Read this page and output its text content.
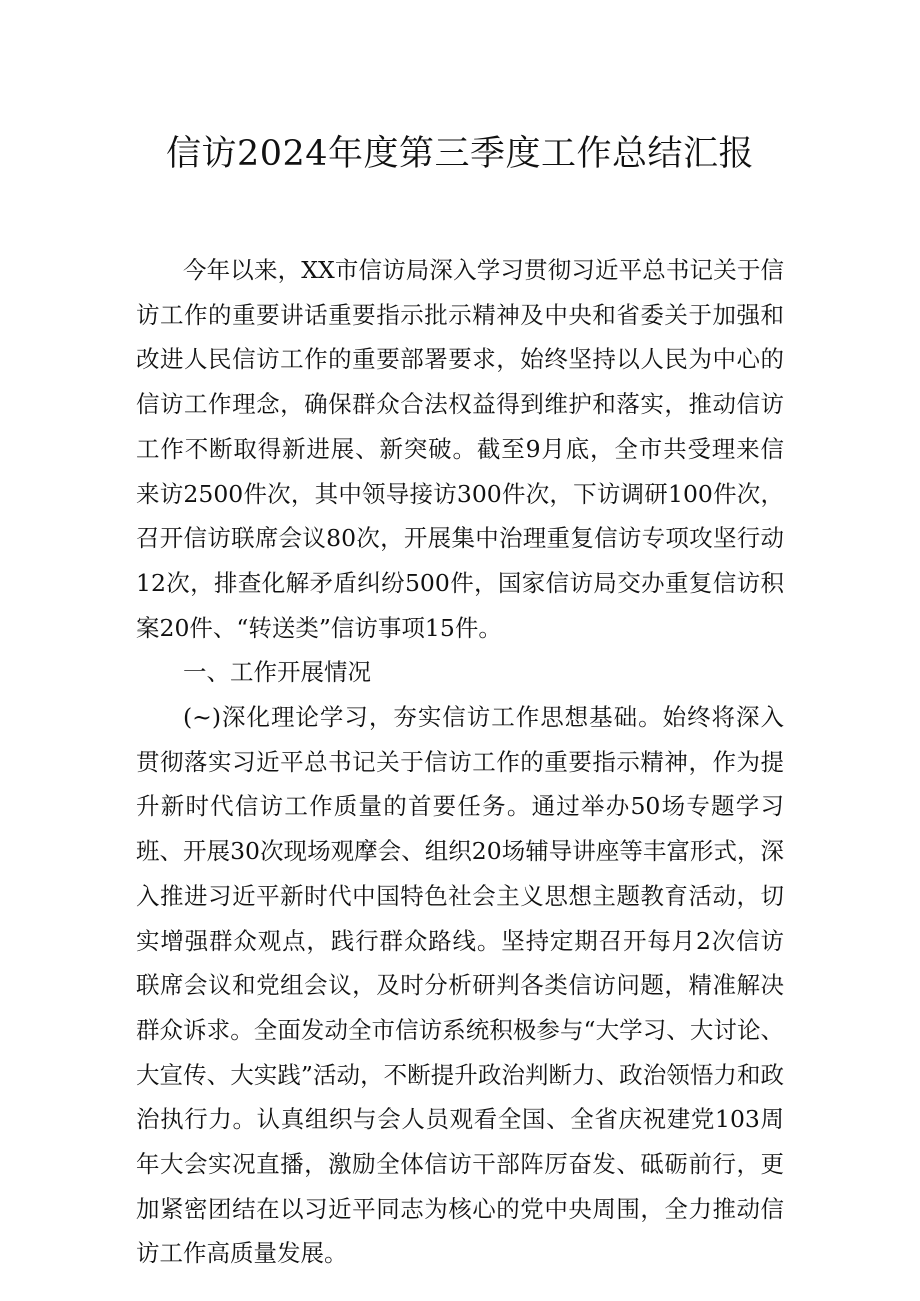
信访2024年度第三季度工作总结汇报

今年以来，XX市信访局深入学习贯彻习近平总书记关于信访工作的重要讲话重要指示批示精神及中央和省委关于加强和改进人民信访工作的重要部署要求，始终坚持以人民为中心的信访工作理念，确保群众合法权益得到维护和落实，推动信访工作不断取得新进展、新突破。截至9月底，全市共受理来信来访2500件次，其中领导接访300件次，下访调研100件次，召开信访联席会议80次，开展集中治理重复信访专项攻坚行动12次，排查化解矛盾纠纷500件，国家信访局交办重复信访积案20件、“转送类”信访事项15件。

一、工作开展情况

(~)深化理论学习，夯实信访工作思想基础。始终将深入贯彻落实习近平总书记关于信访工作的重要指示精神，作为提升新时代信访工作质量的首要任务。通过举办50场专题学习班、开展30次现场观摩会、组织20场辅导讲座等丰富形式，深入推进习近平新时代中国特色社会主义思想主题教育活动，切实增强群众观点，践行群众路线。坚持定期召开每月2次信访联席会议和党组会议，及时分析研判各类信访问题，精准解决群众诉求。全面发动全市信访系统积极参与“大学习、大讨论、大宣传、大实践”活动，不断提升政治判断力、政治领悟力和政治执行力。认真组织与会人员观看全国、全省庆祝建党103周年大会实况直播，激励全体信访干部阵厉奋发、砥砺前行，更加紧密团结在以习近平同志为核心的党中央周围，全力推动信访工作高质量发展。
